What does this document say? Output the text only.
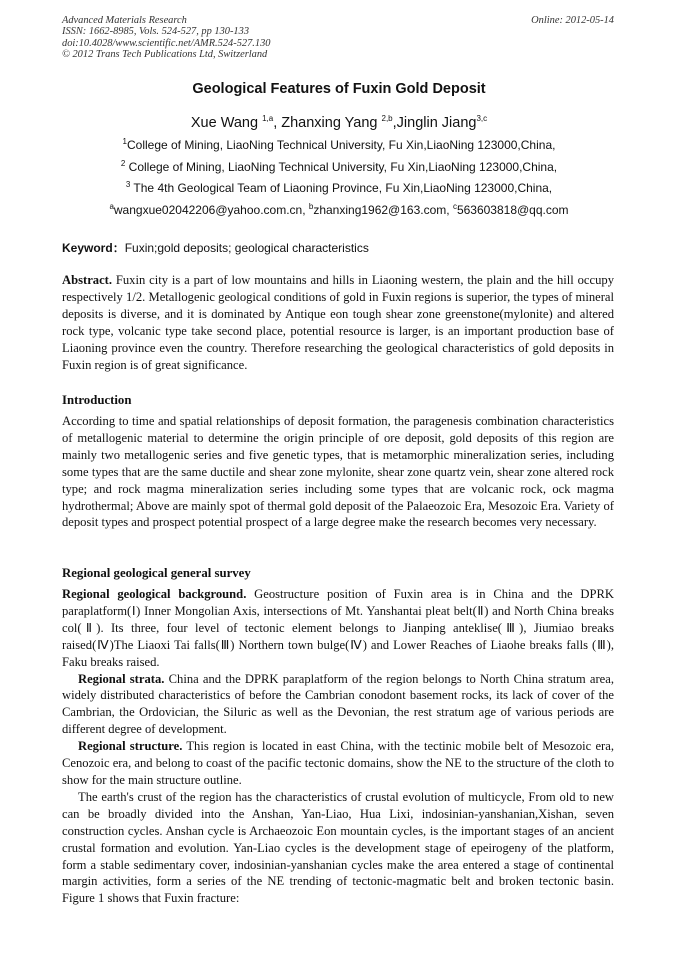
Advanced Materials Research
ISSN: 1662-8985, Vols. 524-527, pp 130-133
doi:10.4028/www.scientific.net/AMR.524-527.130
© 2012 Trans Tech Publications Ltd, Switzerland
Online: 2012-05-14
Geological Features of Fuxin Gold Deposit
Xue Wang $^{1,a}$, Zhanxing Yang $^{2,b}$,Jinglin Jiang$^{3,c}$
$^1$College of Mining, LiaoNing Technical University, Fu Xin,LiaoNing 123000,China,
$^2$ College of Mining, LiaoNing Technical University, Fu Xin,LiaoNing 123000,China,
$^3$ The 4th Geological Team of Liaoning Province, Fu Xin,LiaoNing 123000,China,
$^a$wangxue02042206@yahoo.com.cn, $^b$zhanxing1962@163.com, $^c$563603818@qq.com
Keyword：Fuxin;gold deposits; geological characteristics

Abstract. Fuxin city is a part of low mountains and hills in Liaoning western, the plain and the hill occupy respectively 1/2. Metallogenic geological conditions of gold in Fuxin regions is superior, the types of mineral deposits is diverse, and it is dominated by Antique eon tough shear zone greenstone(mylonite) and altered rock type, volcanic type take second place, potential resource is larger, is an important production base of Liaoning province even the country. Therefore researching the geological characteristics of gold deposits in Fuxin region is of great significance.

Introduction

According to time and spatial relationships of deposit formation, the paragenesis combination characteristics of metallogenic material to determine the origin principle of ore deposit, gold deposits of this region are mainly two metallogenic series and five genetic types, that is metamorphic mineralization series, including some types that are the same ductile and shear zone mylonite, shear zone quartz vein, shear zone altered rock type; and rock magma mineralization series including some types that are volcanic rock, ock magma hydrothermal; Above are mainly spot of thermal gold deposit of the Palaeozoic Era, Mesozoic Era. Variety of deposit types and prospect potential prospect of a large degree make the research becomes very necessary.

Regional geological general survey

Regional geological background. Geostructure position of Fuxin area is in China and the DPRK paraplatform(Ⅰ) Inner Mongolian Axis, intersections of Mt. Yanshantai pleat belt(Ⅱ) and North China breaks col(Ⅱ). Its three, four level of tectonic element belongs to Jianping anteklise(Ⅲ), Jiumiao breaks raised(Ⅳ)The Liaoxi Tai falls(Ⅲ) Northern town bulge(Ⅳ) and Lower Reaches of Liaohe breaks falls (Ⅲ), Faku breaks raised.

Regional strata. China and the DPRK paraplatform of the region belongs to North China stratum area, widely distributed characteristics of before the Cambrian conodont basement rocks, its lack of cover of the Cambrian, the Ordovician, the Siluric as well as the Devonian, the rest stratum age of various periods are different degree of development.

Regional structure. This region is located in east China, with the tectinic mobile belt of Mesozoic era, Cenozoic era, and belong to coast of the pacific tectonic domains, show the NE to the structure of the cloth to show for the main structure outline.

The earth's crust of the region has the characteristics of crustal evolution of multicycle, From old to new can be broadly divided into the Anshan, Yan-Liao, Hua Lixi, indosinian-yanshanian,Xishan, seven construction cycles. Anshan cycle is Archaeozoic Eon mountain cycles, is the important stages of an ancient crustal formation and evolution. Yan-Liao cycles is the development stage of epeirogeny of the platform, form a stable sedimentary cover, indosinian-yanshanian cycles make the area entered a stage of continental margin activities, form a series of the NE trending of tectonic-magmatic belt and broken tectonic basin. Figure 1 shows that Fuxin fracture:
